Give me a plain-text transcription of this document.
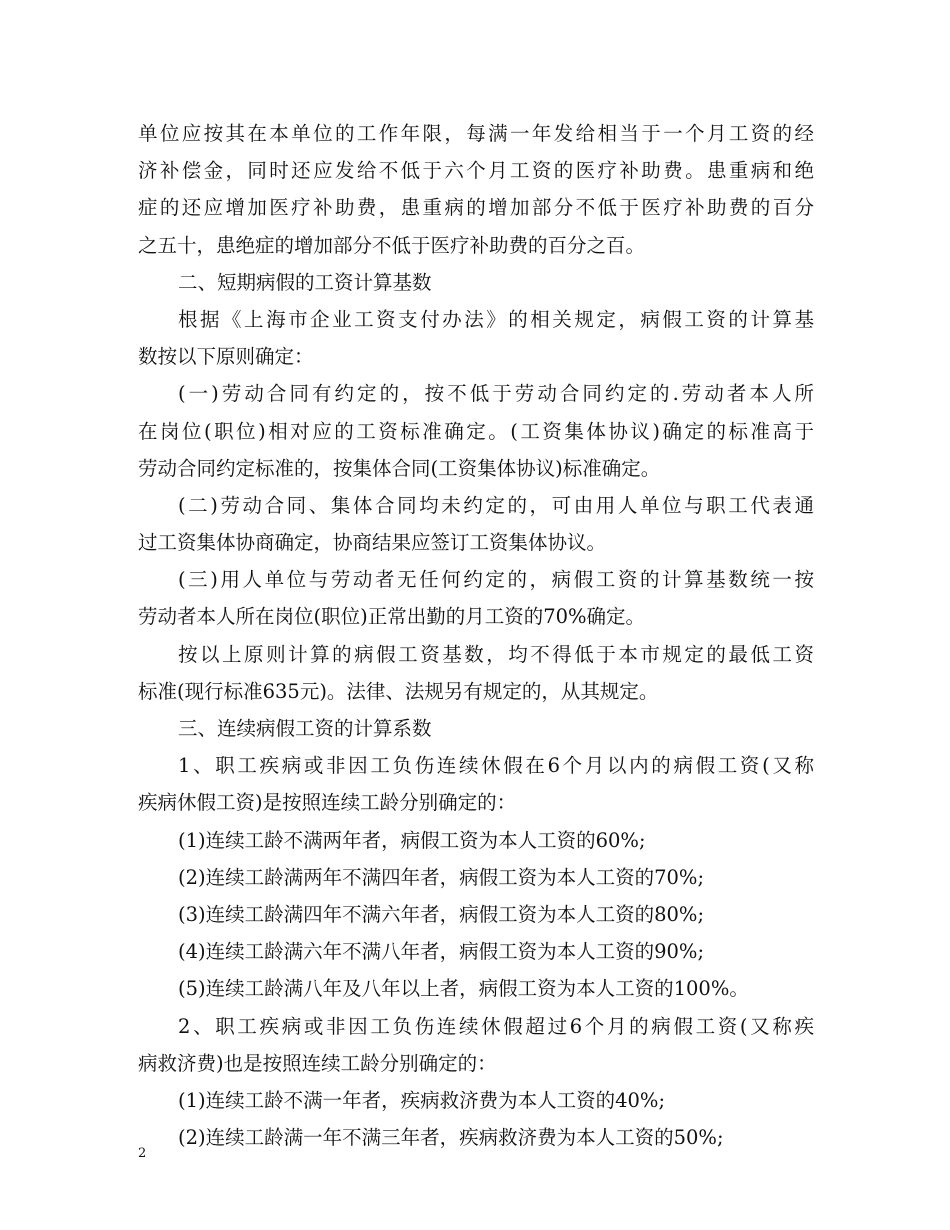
单位应按其在本单位的工作年限，每满一年发给相当于一个月工资的经
济补偿金，同时还应发给不低于六个月工资的医疗补助费。患重病和绝
症的还应增加医疗补助费，患重病的增加部分不低于医疗补助费的百分
之五十，患绝症的增加部分不低于医疗补助费的百分之百。
二、短期病假的工资计算基数
根据《上海市企业工资支付办法》的相关规定，病假工资的计算基
数按以下原则确定：
(一)劳动合同有约定的，按不低于劳动合同约定的.劳动者本人所
在岗位(职位)相对应的工资标准确定。(工资集体协议)确定的标准高于
劳动合同约定标准的，按集体合同(工资集体协议)标准确定。
(二)劳动合同、集体合同均未约定的，可由用人单位与职工代表通
过工资集体协商确定，协商结果应签订工资集体协议。
(三)用人单位与劳动者无任何约定的，病假工资的计算基数统一按
劳动者本人所在岗位(职位)正常出勤的月工资的70%确定。
按以上原则计算的病假工资基数，均不得低于本市规定的最低工资
标准(现行标准635元)。法律、法规另有规定的，从其规定。
三、连续病假工资的计算系数
1、职工疾病或非因工负伤连续休假在6个月以内的病假工资(又称
疾病休假工资)是按照连续工龄分别确定的：
(1)连续工龄不满两年者，病假工资为本人工资的60%;
(2)连续工龄满两年不满四年者，病假工资为本人工资的70%;
(3)连续工龄满四年不满六年者，病假工资为本人工资的80%;
(4)连续工龄满六年不满八年者，病假工资为本人工资的90%;
(5)连续工龄满八年及八年以上者，病假工资为本人工资的100%。
2、职工疾病或非因工负伤连续休假超过6个月的病假工资(又称疾
病救济费)也是按照连续工龄分别确定的：
(1)连续工龄不满一年者，疾病救济费为本人工资的40%;
(2)连续工龄满一年不满三年者，疾病救济费为本人工资的50%;
2
